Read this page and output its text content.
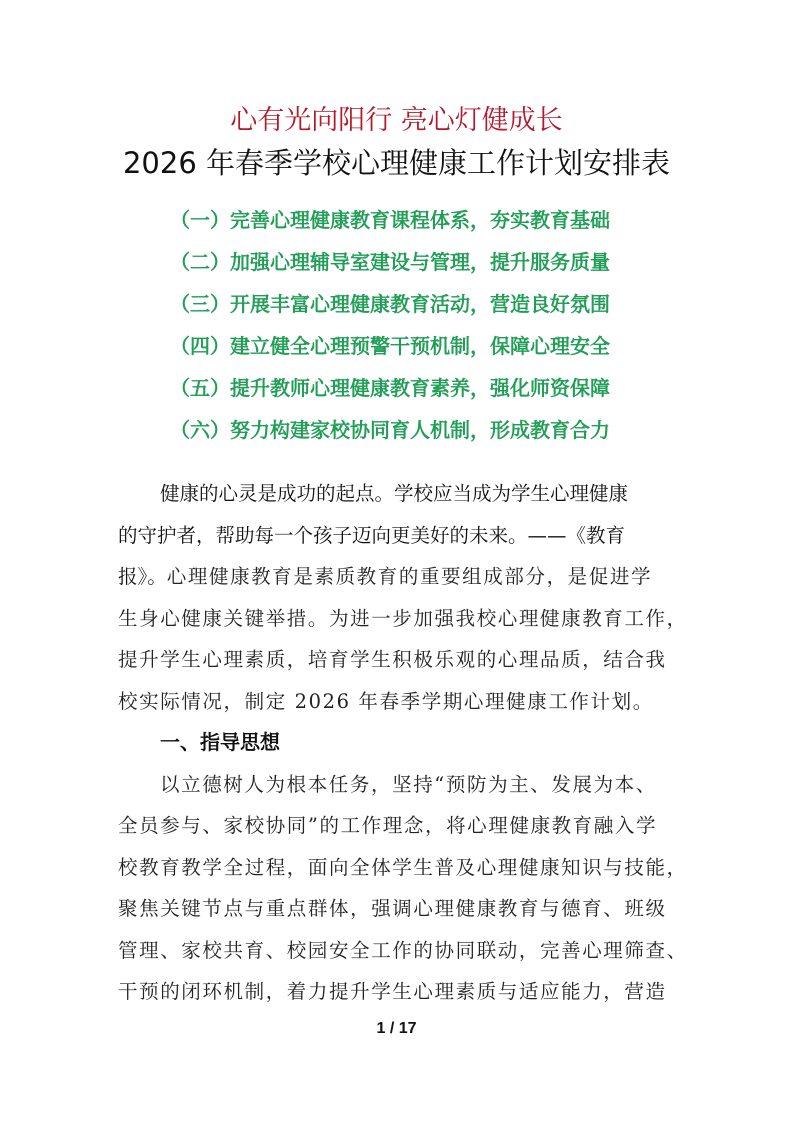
心有光向阳行 亮心灯健成长
2026 年春季学校心理健康工作计划安排表
（一）完善心理健康教育课程体系，夯实教育基础
（二）加强心理辅导室建设与管理，提升服务质量
（三）开展丰富心理健康教育活动，营造良好氛围
（四）建立健全心理预警干预机制，保障心理安全
（五）提升教师心理健康教育素养，强化师资保障
（六）努力构建家校协同育人机制，形成教育合力
健康的心灵是成功的起点。学校应当成为学生心理健康
的守护者，帮助每一个孩子迈向更美好的未来。——《教育
报》。心理健康教育是素质教育的重要组成部分，是促进学
生身心健康关键举措。为进一步加强我校心理健康教育工作，
提升学生心理素质，培育学生积极乐观的心理品质，结合我
校实际情况，制定 2026 年春季学期心理健康工作计划。
一、指导思想
以立德树人为根本任务，坚持“预防为主、发展为本、
全员参与、家校协同”的工作理念，将心理健康教育融入学
校教育教学全过程，面向全体学生普及心理健康知识与技能，
聚焦关键节点与重点群体，强调心理健康教育与德育、班级
管理、家校共育、校园安全工作的协同联动，完善心理筛查、
干预的闭环机制，着力提升学生心理素质与适应能力，营造
1 / 17
